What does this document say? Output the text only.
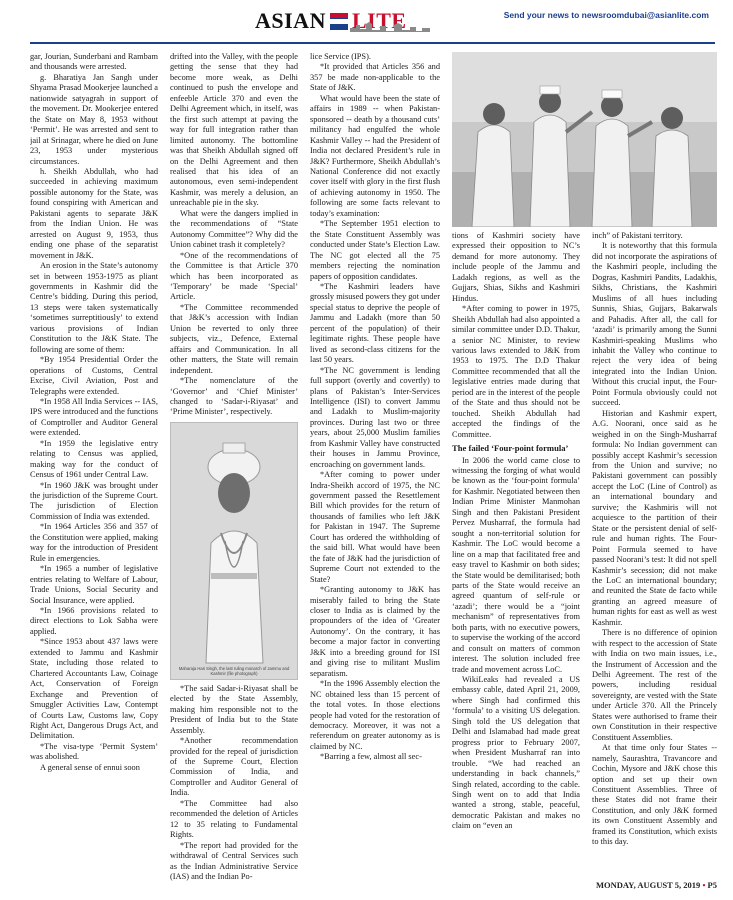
ASIAN LITE	Send your news to newsroomdubai@asianlite.com

gar, Jourian, Sunderbani and Rambam and thousands were arrested.

g. Bharatiya Jan Sangh under Shyama Prasad Mookerjee launched a nationwide satyagrah in support of the movement. Dr. Mookerjee entered the State on May 8, 1953 without ‘Permit’. He was arrested and sent to jail at Srinagar, where he died on June 23, 1953 under mysterious circumstances.

h. Sheikh Abdullah, who had succeeded in achieving maximum possible autonomy for the State, was found conspiring with American and Pakistani agents to separate J&K from the Indian Union. He was arrested on August 9, 1953, thus ending one phase of the separatist movement in J&K.

An erosion in the State’s autonomy set in between 1953-1975 as pliant governments in Kashmir did the Centre’s bidding. During this period, 13 steps were taken systematically ‘sometimes surreptitiously’ to extend various provisions of Indian Constitution to the J&K State. The following are some of them:

*By 1954 Presidential Order the operations of Customs, Central Excise, Civil Aviation, Post and Telegraphs were extended.

*In 1958 All India Services -- IAS, IPS were introduced and the functions of Comptroller and Auditor General were extended.

*In 1959 the legislative entry relating to Census was applied, making way for the conduct of Census of 1961 under Central Law.

*In 1960 J&K was brought under the jurisdiction of the Supreme Court. The jurisdiction of Election Commission of India was extended.

*In 1964 Articles 356 and 357 of the Constitution were applied, making way for the introduction of President Rule in emergencies.

*In 1965 a number of legislative entries relating to Welfare of Labour, Trade Unions, Social Security and Social Insurance, were applied.

*In 1966 provisions related to direct elections to Lok Sabha were applied.

*Since 1953 about 437 laws were extended to Jammu and Kashmir State, including those related to Chartered Accountants Law, Coinage Act, Conservation of Foreign Exchange and Prevention of Smuggler Activities Law, Contempt of Courts Law, Customs law, Copy Right Act, Dangerous Drugs Act, and Delimitation.

*The visa-type ‘Permit System’ was abolished.

A general sense of ennui soon

drifted into the Valley, with the people getting the sense that they had become more weak, as Delhi continued to push the envelope and enfeeble Article 370 and even the Delhi Agreement which, in itself, was the first such attempt at paving the way for full integration rather than limited autonomy. The bottomline was that Sheikh Abdullah signed off on the Delhi Agreement and then realised that his idea of an autonomous, even semi-independent Kashmir, was merely a delusion, an unreachable pie in the sky.

What were the dangers implied in the recommendations of “State Autonomy Committee”? Why did the Union cabinet trash it completely?

*One of the recommendations of the Committee is that Article 370 which has been incorporated as ‘Temporary’ be made ‘Special’ Article.

*The Committee recommended that J&K’s accession with Indian Union be reverted to only three subjects, viz., Defence, External affairs and Communication. In all other matters, the State will remain independent.

*The nomenclature of the ‘Governor’ and ‘Chief Minister’ changed to ‘Sadar-i-Riyasat’ and ‘Prime Minister’, respectively.

Maharaja Hari Singh, the last ruling monarch of Jammu and Kashmir (file photograph)

*The said Sadar-i-Riyasat shall be elected by the State Assembly, making him responsible not to the President of India but to the State Assembly.

*Another recommendation provided for the repeal of jurisdiction of the Supreme Court, Election Commission of India, and Comptroller and Auditor General of India.

*The Committee had also recommended the deletion of Articles 12 to 35 relating to Fundamental Rights.

*The report had provided for the withdrawal of Central Services such as the Indian Administrative Service (IAS) and the Indian Po-

lice Service (IPS).

*It provided that Articles 356 and 357 be made non-applicable to the State of J&K.

What would have been the state of affairs in 1989 -- when Pakistan-sponsored -- death by a thousand cuts’ militancy had engulfed the whole Kashmir Valley -- had the President of India not declared President’s rule in J&K? Furthermore, Sheikh Abdullah’s National Conference did not exactly cover itself with glory in the first flush of achieving autonomy in 1950. The following are some facts relevant to today’s examination:

*The September 1951 election to the State Constituent Assembly was conducted under State’s Election Law. The NC got elected all the 75 members rejecting the nomination papers of opposition candidates.

*The Kashmiri leaders have grossly misused powers they got under special status to deprive the people of Jammu and Ladakh (more than 50 percent of the population) of their legitimate rights. These people have lived as second-class citizens for the last 50 years.

*The NC government is lending full support (overtly and covertly) to plans of Pakistan’s Inter-Services Intelligence (ISI) to convert Jammu and Ladakh to Muslim-majority provinces. During last two or three years, about 25,000 Muslim families from Kashmir Valley have constructed their houses in Jammu Province, encroaching on government lands.

*After coming to power under Indra-Sheikh accord of 1975, the NC government passed the Resettlement Bill which provides for the return of thousands of families who left J&K for Pakistan in 1947. The Supreme Court has ordered the withholding of the said bill. What would have been the fate of J&K had the jurisdiction of Supreme Court not extended to the State?

*Granting autonomy to J&K has miserably failed to bring the State closer to India as is claimed by the propounders of the idea of ‘Greater Autonomy’. On the contrary, it has become a major factor in converting J&K into a breeding ground for ISI and giving rise to militant Muslim separatism.

*In the 1996 Assembly election the NC obtained less than 15 percent of the total votes. In those elections people had voted for the restoration of democracy. Moreover, it was not a referendum on greater autonomy as is claimed by NC.

*Barring a few, almost all sec-

tions of Kashmiri society have expressed their opposition to NC’s demand for more autonomy. They include people of the Jammu and Ladakh regions, as well as the Gujjars, Shias, Sikhs and Kashmiri Hindus.

*After coming to power in 1975, Sheikh Abdullah had also appointed a similar committee under D.D. Thakur, a senior NC Minister, to review various laws extended to J&K from 1953 to 1975. The D.D Thakur Committee recommended that all the legislative entries made during that period are in the interest of the people of the State and thus should not be touched. Sheikh Abdullah had accepted the findings of the Committee.

The failed ‘Four-point formula’

In 2006 the world came close to witnessing the forging of what would be known as the ‘four-point formula’ for Kashmir. Negotiated between then Indian Prime Minister Manmohan Singh and then Pakistani President Pervez Musharraf, the formula had sought a non-territorial solution for Kashmir. The LoC would become a line on a map that facilitated free and easy travel to Kashmir on both sides; the State would be demilitarised; both parts of the State would receive an agreed quantum of self-rule or ‘azadi’; there would be a “joint mechanism” of representatives from both parts, with no executive powers, to supervise the working of the accord and consult on matters of common interest. The solution included free trade and movement across LoC.

WikiLeaks had revealed a US embassy cable, dated April 21, 2009, where Singh had confirmed this ‘formula’ to a visiting US delegation. Singh told the US delegation that Delhi and Islamabad had made great progress prior to February 2007, when President Musharraf ran into trouble. “We had reached an understanding in back channels,” Singh related, according to the cable. Singh went on to add that India wanted a strong, stable, peaceful, democratic Pakistan and makes no claim on “even an

inch” of Pakistani territory.

It is noteworthy that this formula did not incorporate the aspirations of the Kashmiri people, including the Dogras, Kashmiri Pandits, Ladakhis, Sikhs, Christians, the Kashmiri Muslims of all hues including Sunnis, Shias, Gujjars, Bakarwals and Pahadis. After all, the call for ‘azadi’ is primarily among the Sunni Kashmiri-speaking Muslims who inhabit the Valley who continue to reject the very idea of being integrated into the Indian Union. Without this crucial input, the Four-Point Formula obviously could not succeed.

Historian and Kashmir expert, A.G. Noorani, once said as he weighed in on the Singh-Musharraf formula: No Indian government can possibly accept Kashmir’s secession from the Union and survive; no Pakistani government can possibly accept the LoC (Line of Control) as an international boundary and survive; the Kashmiris will not acquiesce to the partition of their State or the persistent denial of self-rule and human rights. The Four-Point Formula seemed to have passed Noorani’s test: It did not spell Kashmir’s secession; did not make the LoC an international boundary; and reunited the State de facto while granting an agreed measure of human rights for east as well as west Kashmir.

There is no difference of opinion with respect to the accession of State with India on two main issues, i.e., the Instrument of Accession and the Delhi Agreement. The rest of the powers, including residual sovereignty, are vested with the State under Article 370. All the Princely States were authorised to frame their own Constitution in their respective Constituent Assemblies.

At that time only four States -- namely, Saurashtra, Travancore and Cochin, Mysore and J&K chose this option and set up their own Constituent Assemblies. Three of these States did not frame their Constitution, and only J&K formed its own Constituent Assembly and framed its Constitution, which exists to this day.

MONDAY, AUGUST 5, 2019 • P5
